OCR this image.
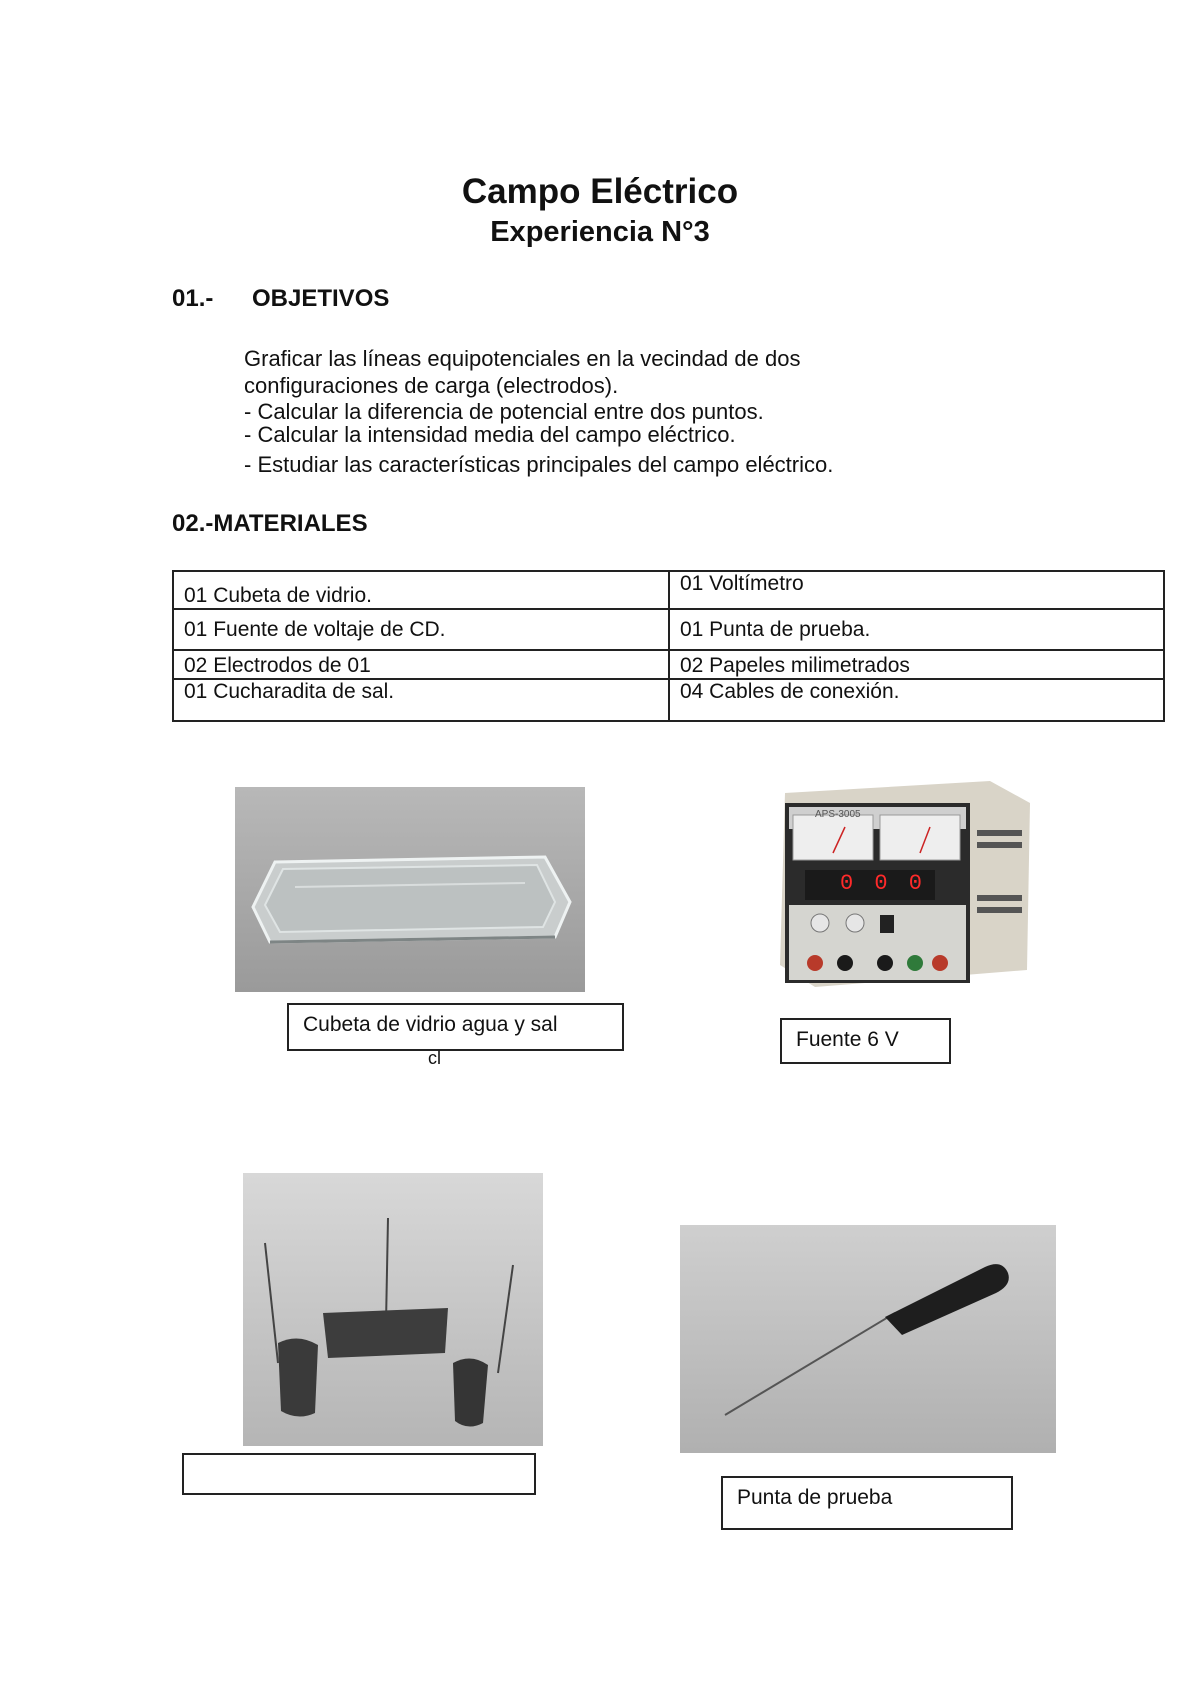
Campo Eléctrico
Experiencia N°3
01.- OBJETIVOS
Graficar las líneas equipotenciales en la vecindad de dos
configuraciones de carga (electrodos).
- Calcular la diferencia de potencial entre dos puntos.
- Calcular la intensidad media del campo eléctrico.
- Estudiar las características principales del campo eléctrico.
02.-MATERIALES
01 Cubeta de vidrio.	01 Voltímetro
01 Fuente de voltaje de CD.	01 Punta de prueba.
02 Electrodos de 01	02 Papeles milimetrados
01 Cucharadita de sal.	04 Cables de conexión.
Cubeta de vidrio agua y sal
cl
APS-3005
0 0 0
Fuente 6 V
Punta de prueba
